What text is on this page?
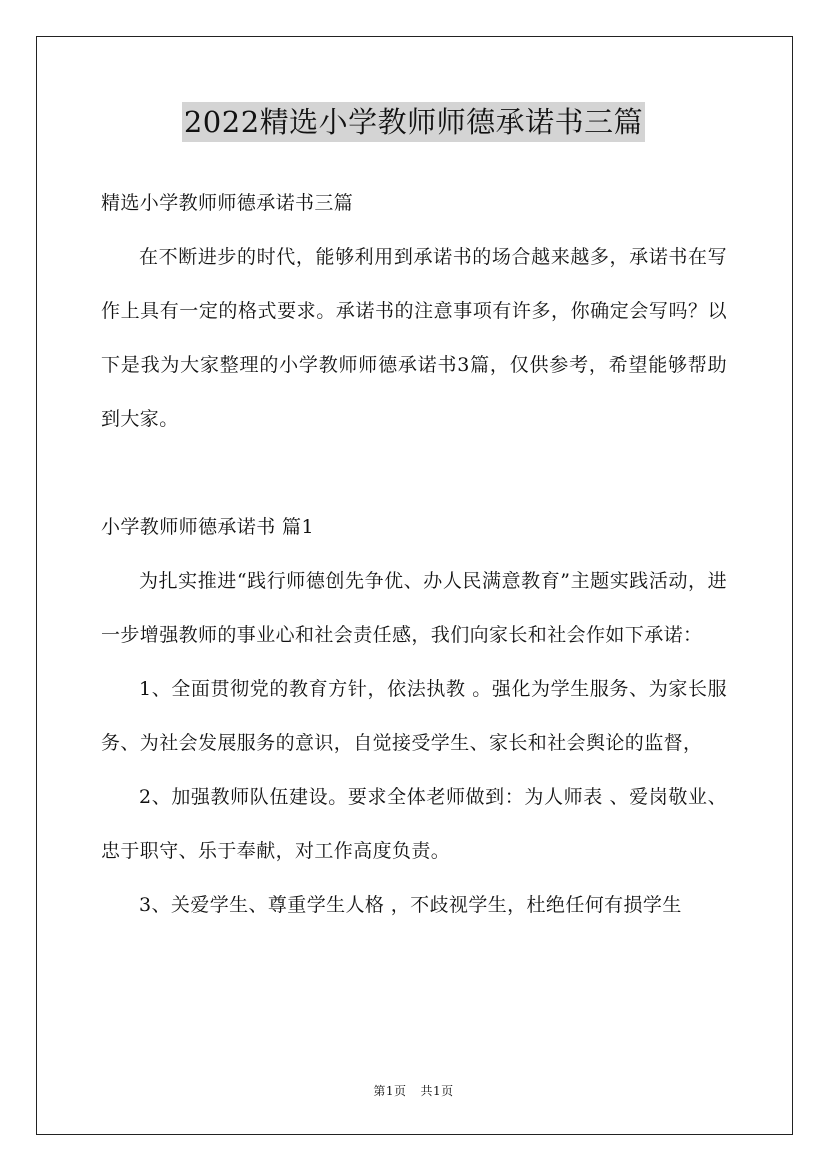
2022精选小学教师师德承诺书三篇

精选小学教师师德承诺书三篇

在不断进步的时代，能够利用到承诺书的场合越来越多，承诺书在写作上具有一定的格式要求。承诺书的注意事项有许多，你确定会写吗？以下是我为大家整理的小学教师师德承诺书3篇，仅供参考，希望能够帮助到大家。

小学教师师德承诺书 篇1

为扎实推进“践行师德创先争优、办人民满意教育”主题实践活动，进一步增强教师的事业心和社会责任感，我们向家长和社会作如下承诺：

1、全面贯彻党的教育方针，依法执教 。强化为学生服务、为家长服务、为社会发展服务的意识，自觉接受学生、家长和社会舆论的监督，

2、加强教师队伍建设。要求全体老师做到：为人师表 、爱岗敬业、忠于职守、乐于奉献，对工作高度负责。

3、关爱学生、尊重学生人格 ，不歧视学生，杜绝任何有损学生

第1页 共1页
